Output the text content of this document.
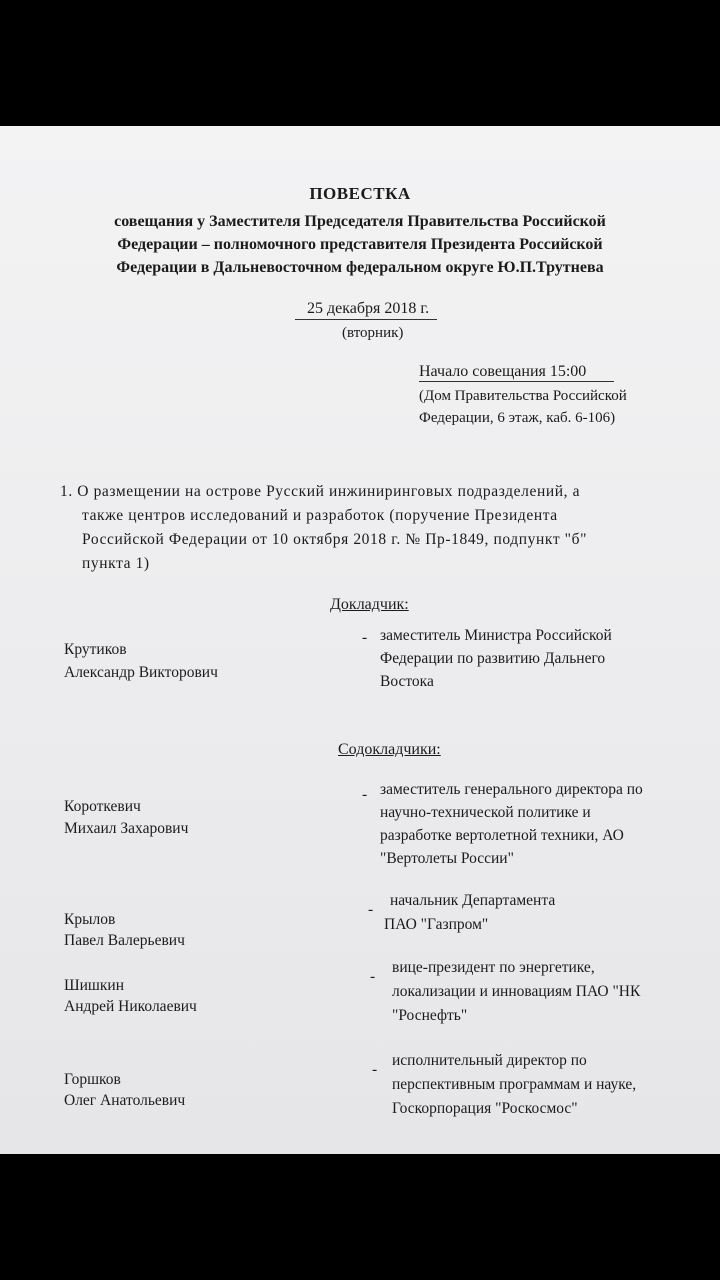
ПОВЕСТКА
совещания у Заместителя Председателя Правительства Российской
Федерации – полномочного представителя Президента Российской
Федерации в Дальневосточном федеральном округе Ю.П.Трутнева
25 декабря 2018 г.
(вторник)
Начало совещания 15:00
(Дом Правительства Российской
Федерации, 6 этаж, каб. 6-106)
1. О размещении на острове Русский инжиниринговых подразделений, а
также центров исследований и разработок (поручение Президента
Российской Федерации от 10 октября 2018 г. № Пр-1849, подпункт "б"
пункта 1)
Докладчик:
Крутиков
Александр Викторович
- заместитель Министра Российской
Федерации по развитию Дальнего
Востока
Содокладчики:
Короткевич
Михаил Захарович
- заместитель генерального директора по
научно-технической политике и
разработке вертолетной техники, АО
"Вертолеты России"
Крылов
Павел Валерьевич
-
начальник Департамента
ПАО "Газпром"
Шишкин
Андрей Николаевич
-
вице-президент по энергетике,
локализации и инновациям ПАО "НК
"Роснефть"
Горшков
Олег Анатольевич
-
исполнительный директор по
перспективным программам и науке,
Госкорпорация "Роскосмос"
